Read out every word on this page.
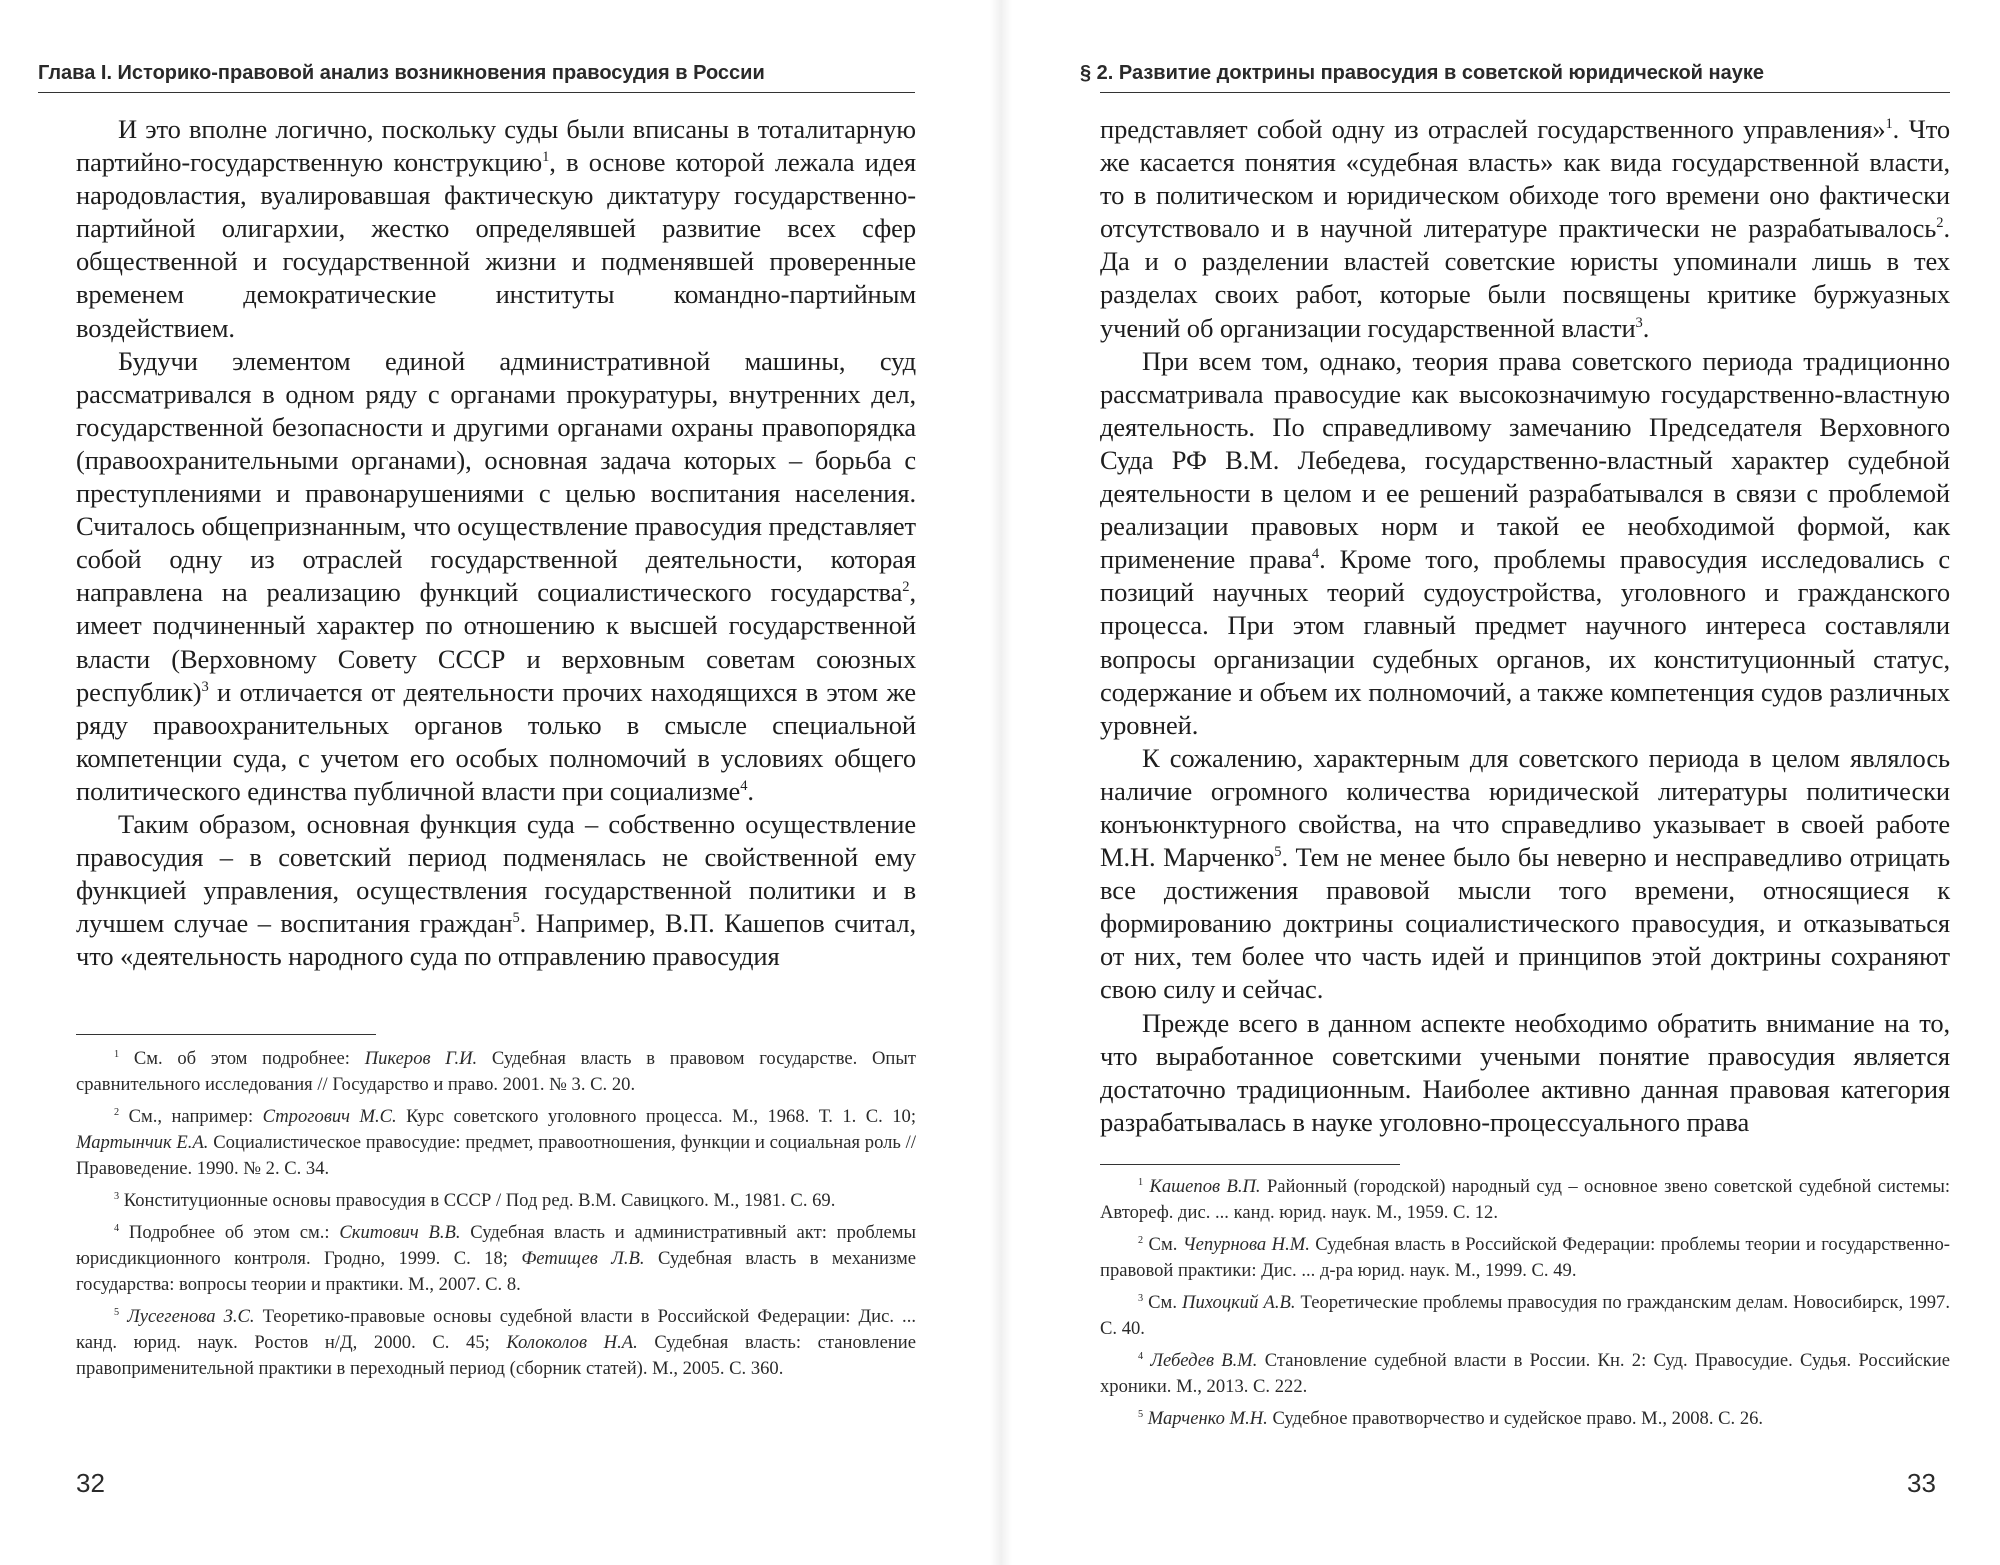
Глава I. Историко-правовой анализ возникновения правосудия в России

И это вполне логично, поскольку суды были вписаны в тоталитарную партийно-государственную конструкцию$^1$, в основе которой лежала идея народовластия, вуалировавшая фактическую диктатуру государственно-партийной олигархии, жестко определявшей развитие всех сфер общественной и государственной жизни и подменявшей проверенные временем демократические институты командно-партийным воздействием.

Будучи элементом единой административной машины, суд рассматривался в одном ряду с органами прокуратуры, внутренних дел, государственной безопасности и другими органами охраны правопорядка (правоохранительными органами), основная задача которых – борьба с преступлениями и правонарушениями с целью воспитания населения. Считалось общепризнанным, что осуществление правосудия представляет собой одну из отраслей государственной деятельности, которая направлена на реализацию функций социалистического государства$^2$, имеет подчиненный характер по отношению к высшей государственной власти (Верховному Совету СССР и верховным советам союзных республик)$^3$ и отличается от деятельности прочих находящихся в этом же ряду правоохранительных органов только в смысле специальной компетенции суда, с учетом его особых полномочий в условиях общего политического единства публичной власти при социализме$^4$.

Таким образом, основная функция суда – собственно осуществление правосудия – в советский период подменялась не свойственной ему функцией управления, осуществления государственной политики и в лучшем случае – воспитания граждан$^5$. Например, В.П. Кашепов считал, что «деятельность народного суда по отправлению правосудия

$^1$ См. об этом подробнее: Пикеров Г.И. Судебная власть в правовом государстве. Опыт сравнительного исследования // Государство и право. 2001. № 3. С. 20.
$^2$ См., например: Строгович М.С. Курс советского уголовного процесса. М., 1968. Т. 1. С. 10; Мартынчик Е.А. Социалистическое правосудие: предмет, правоотношения, функции и социальная роль // Правоведение. 1990. № 2. С. 34.
$^3$ Конституционные основы правосудия в СССР / Под ред. В.М. Савицкого. М., 1981. С. 69.
$^4$ Подробнее об этом см.: Скитович В.В. Судебная власть и административный акт: проблемы юрисдикционного контроля. Гродно, 1999. С. 18; Фетищев Л.В. Судебная власть в механизме государства: вопросы теории и практики. М., 2007. С. 8.
$^5$ Лусегенова З.С. Теоретико-правовые основы судебной власти в Российской Федерации: Дис. ... канд. юрид. наук. Ростов н/Д, 2000. С. 45; Колоколов Н.А. Судебная власть: становление правоприменительной практики в переходный период (сборник статей). М., 2005. С. 360.

32

§ 2. Развитие доктрины правосудия в советской юридической науке

представляет собой одну из отраслей государственного управления»$^1$. Что же касается понятия «судебная власть» как вида государственной власти, то в политическом и юридическом обиходе того времени оно фактически отсутствовало и в научной литературе практически не разрабатывалось$^2$. Да и о разделении властей советские юристы упоминали лишь в тех разделах своих работ, которые были посвящены критике буржуазных учений об организации государственной власти$^3$.

При всем том, однако, теория права советского периода традиционно рассматривала правосудие как высокозначимую государственно-властную деятельность. По справедливому замечанию Председателя Верховного Суда РФ В.М. Лебедева, государственно-властный характер судебной деятельности в целом и ее решений разрабатывался в связи с проблемой реализации правовых норм и такой ее необходимой формой, как применение права$^4$. Кроме того, проблемы правосудия исследовались с позиций научных теорий судоустройства, уголовного и гражданского процесса. При этом главный предмет научного интереса составляли вопросы организации судебных органов, их конституционный статус, содержание и объем их полномочий, а также компетенция судов различных уровней.

К сожалению, характерным для советского периода в целом являлось наличие огромного количества юридической литературы политически конъюнктурного свойства, на что справедливо указывает в своей работе М.Н. Марченко$^5$. Тем не менее было бы неверно и несправедливо отрицать все достижения правовой мысли того времени, относящиеся к формированию доктрины социалистического правосудия, и отказываться от них, тем более что часть идей и принципов этой доктрины сохраняют свою силу и сейчас.

Прежде всего в данном аспекте необходимо обратить внимание на то, что выработанное советскими учеными понятие правосудия является достаточно традиционным. Наиболее активно данная правовая категория разрабатывалась в науке уголовно-процессуального права

$^1$ Кашепов В.П. Районный (городской) народный суд – основное звено советской судебной системы: Автореф. дис. ... канд. юрид. наук. М., 1959. С. 12.
$^2$ См. Чепурнова Н.М. Судебная власть в Российской Федерации: проблемы теории и государственно-правовой практики: Дис. ... д-ра юрид. наук. М., 1999. С. 49.
$^3$ См. Пихоцкий А.В. Теоретические проблемы правосудия по гражданским делам. Новосибирск, 1997. С. 40.
$^4$ Лебедев В.М. Становление судебной власти в России. Кн. 2: Суд. Правосудие. Судья. Российские хроники. М., 2013. С. 222.
$^5$ Марченко М.Н. Судебное правотворчество и судейское право. М., 2008. С. 26.

33
